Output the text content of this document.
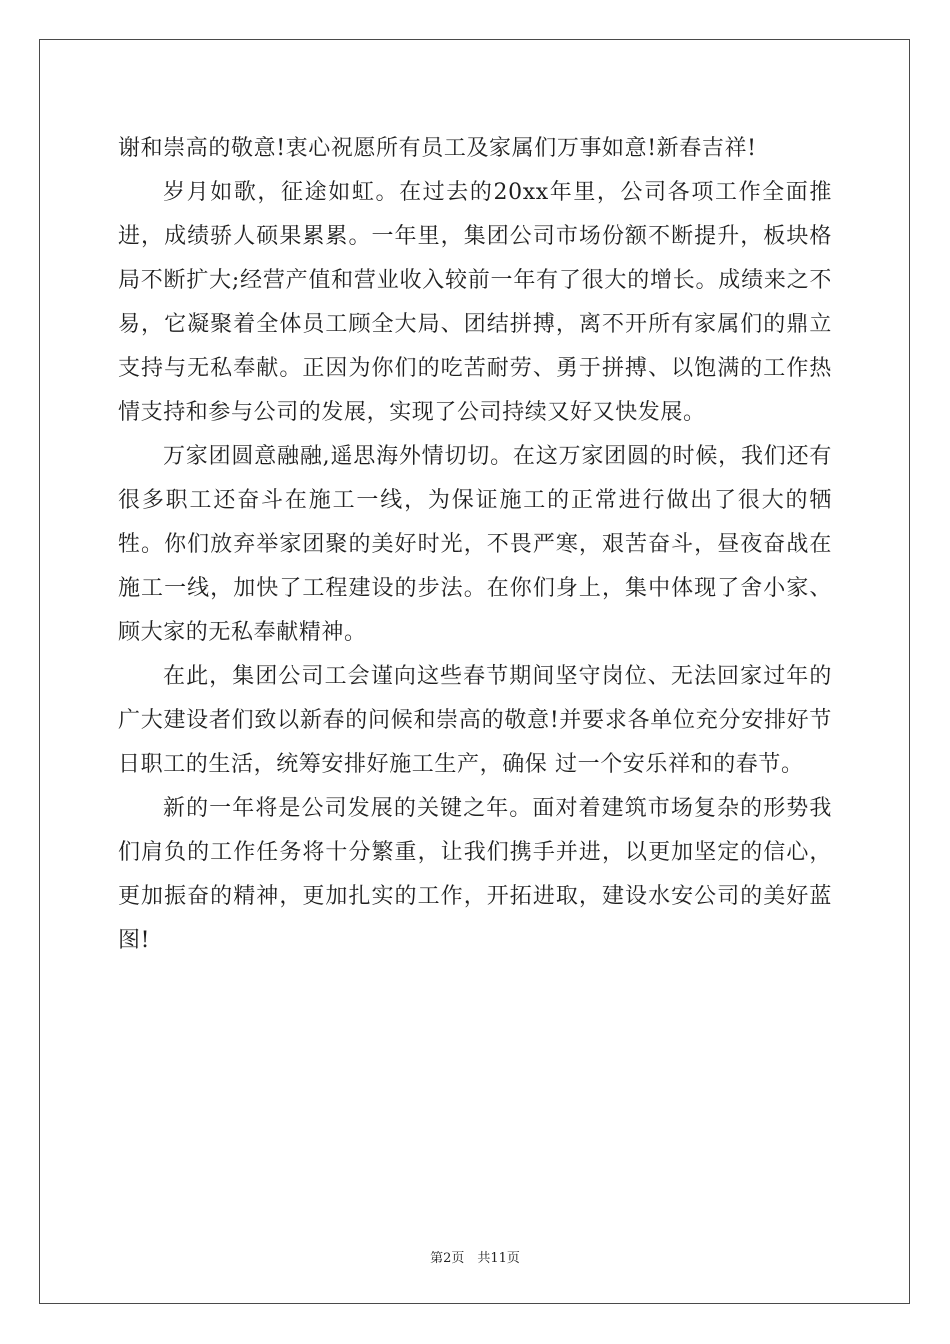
谢和崇高的敬意!衷心祝愿所有员工及家属们万事如意!新春吉祥!

岁月如歌，征途如虹。在过去的20xx年里，公司各项工作全面推进，成绩骄人硕果累累。一年里，集团公司市场份额不断提升，板块格局不断扩大;经营产值和营业收入较前一年有了很大的增长。成绩来之不易，它凝聚着全体员工顾全大局、团结拼搏，离不开所有家属们的鼎立支持与无私奉献。正因为你们的吃苦耐劳、勇于拼搏、以饱满的工作热情支持和参与公司的发展，实现了公司持续又好又快发展。

万家团圆意融融,遥思海外情切切。在这万家团圆的时候，我们还有很多职工还奋斗在施工一线，为保证施工的正常进行做出了很大的牺牲。你们放弃举家团聚的美好时光，不畏严寒，艰苦奋斗，昼夜奋战在施工一线，加快了工程建设的步法。在你们身上，集中体现了舍小家、顾大家的无私奉献精神。

在此，集团公司工会谨向这些春节期间坚守岗位、无法回家过年的广大建设者们致以新春的问候和崇高的敬意!并要求各单位充分安排好节日职工的生活，统筹安排好施工生产，确保 过一个安乐祥和的春节。

新的一年将是公司发展的关键之年。面对着建筑市场复杂的形势我们肩负的工作任务将十分繁重，让我们携手并进，以更加坚定的信心，更加振奋的精神，更加扎实的工作，开拓进取，建设水安公司的美好蓝图!

第2页　共11页
